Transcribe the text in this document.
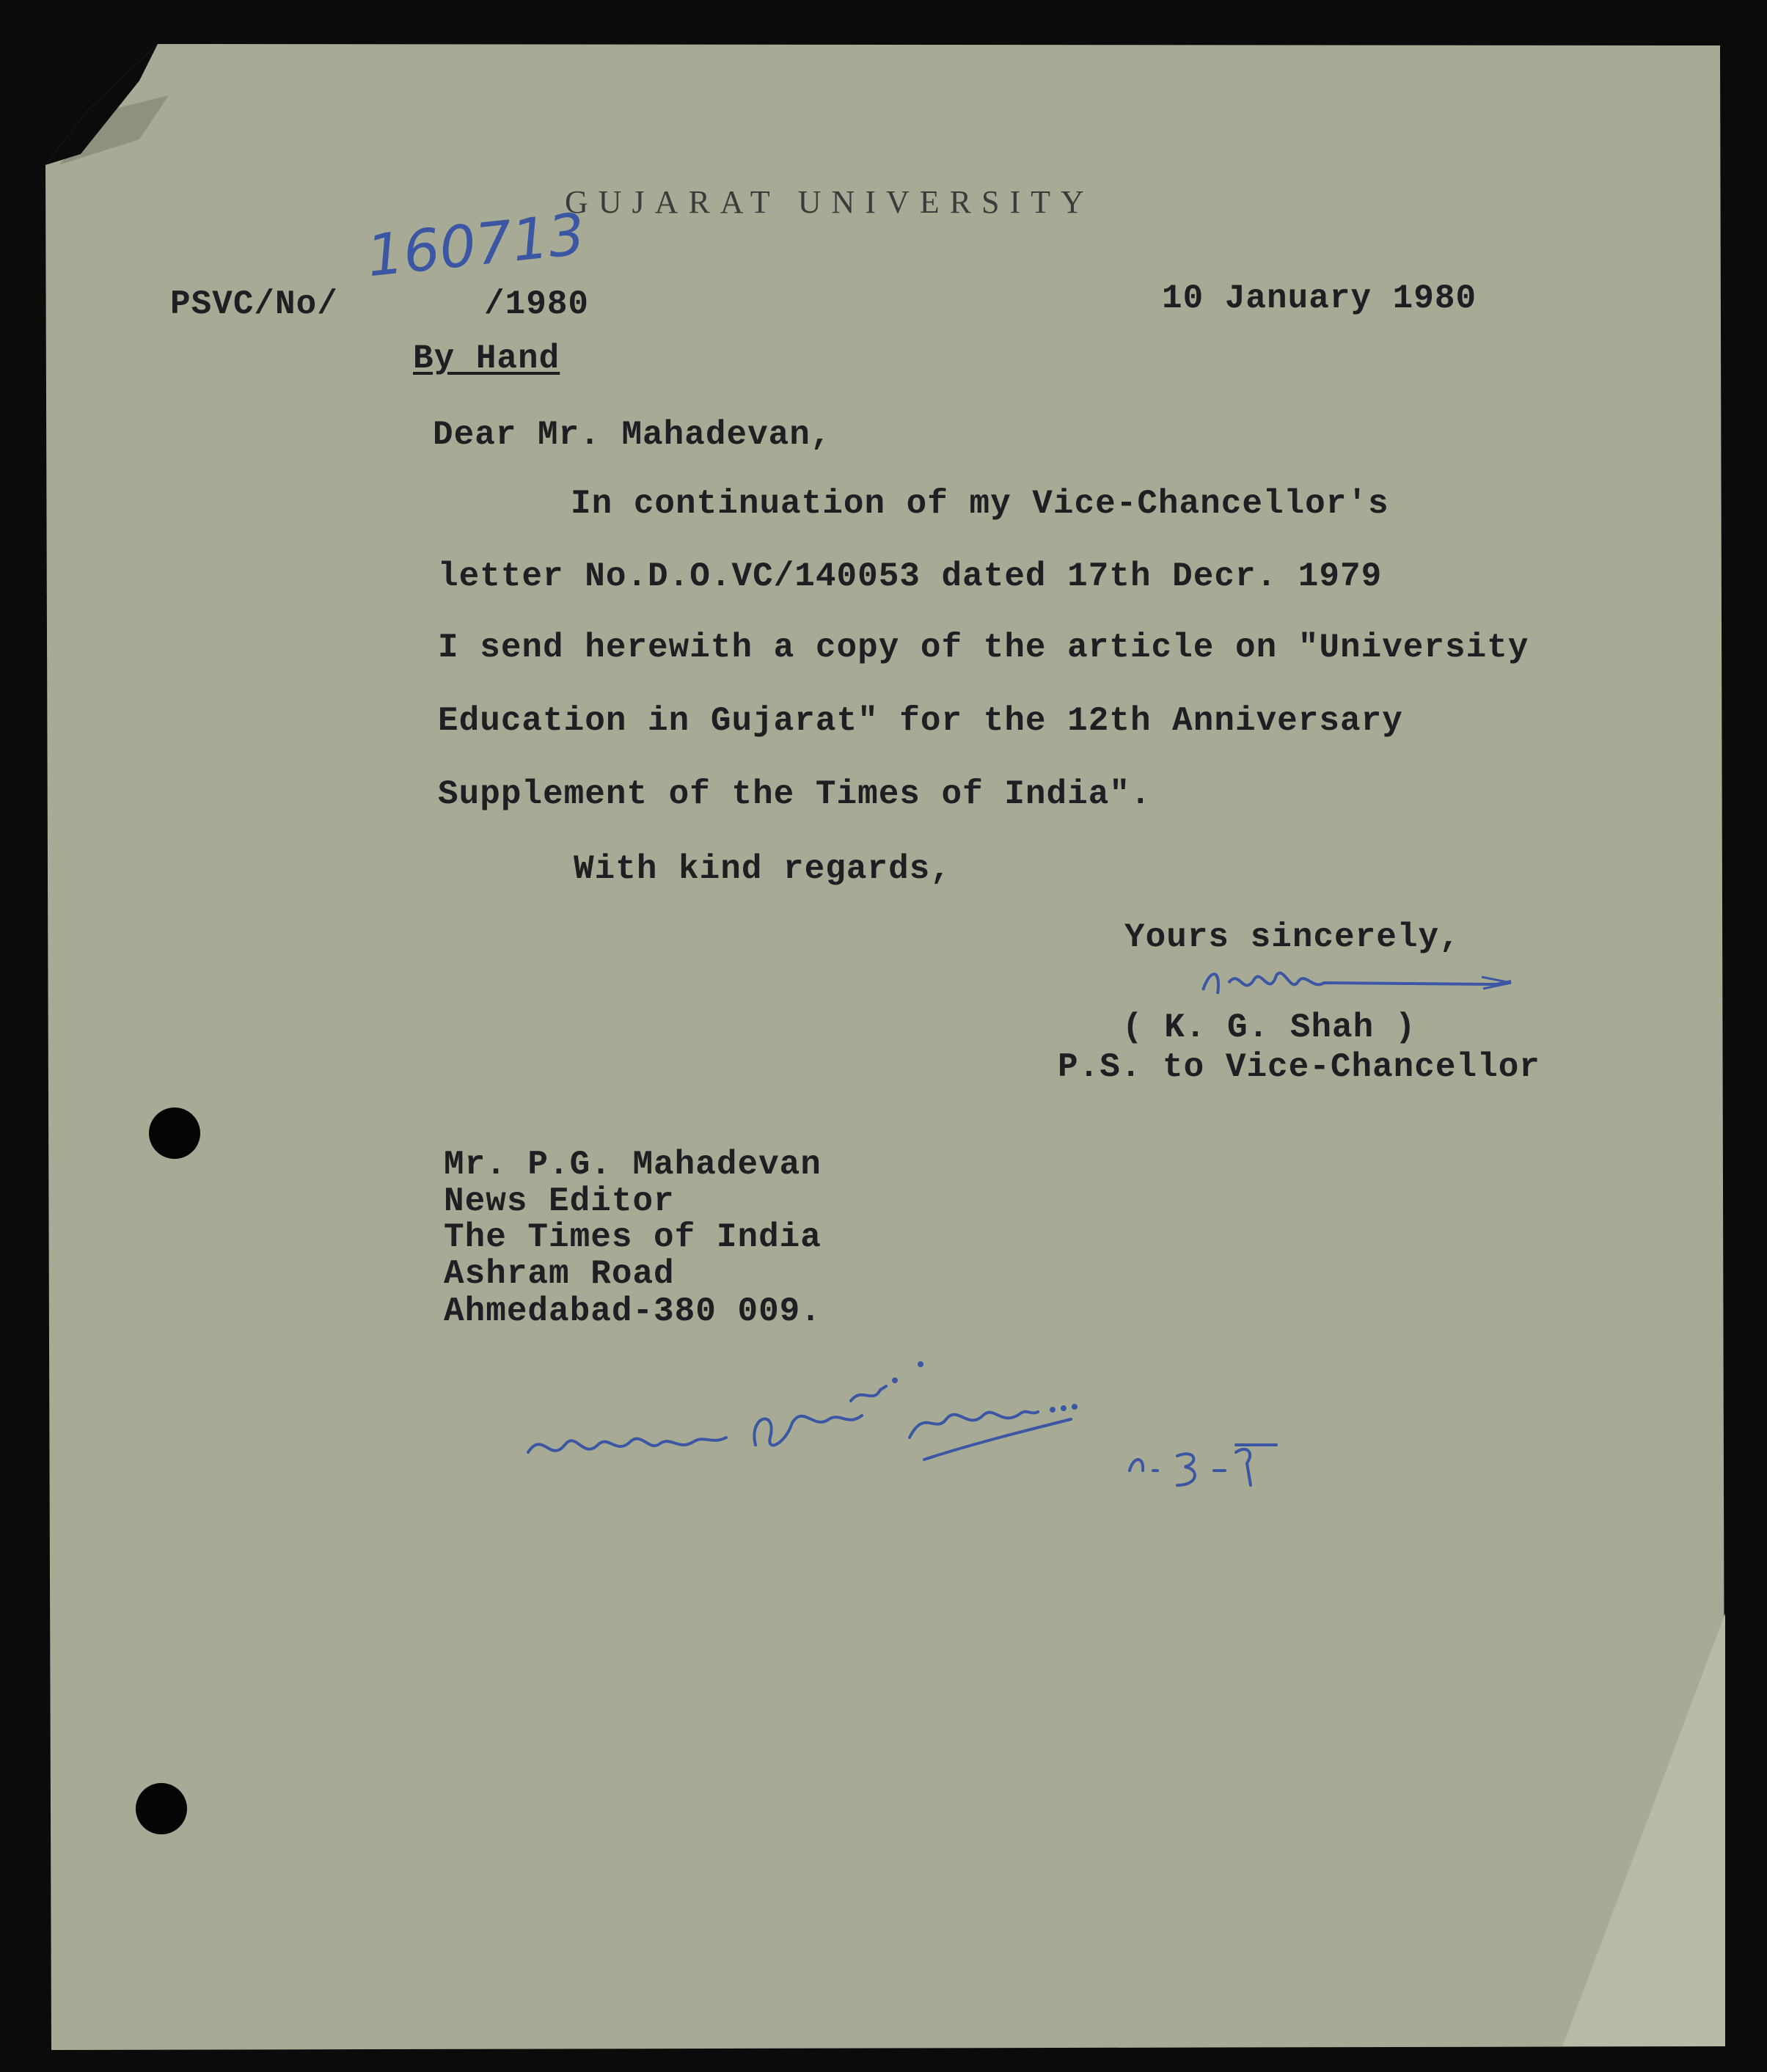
GUJARAT UNIVERSITY
PSVC/No/
160713
/1980	10 January 1980
By Hand
Dear Mr. Mahadevan,
In continuation of my Vice-Chancellor's
letter No.D.O.VC/140053 dated 17th Decr. 1979
I send herewith a copy of the article on "University
Education in Gujarat" for the 12th Anniversary
Supplement of the Times of India".
With kind regards,
Yours sincerely,
( K. G. Shah )
P.S. to Vice-Chancellor
Mr. P.G. Mahadevan
News Editor
The Times of India
Ashram Road
Ahmedabad-380 009.
